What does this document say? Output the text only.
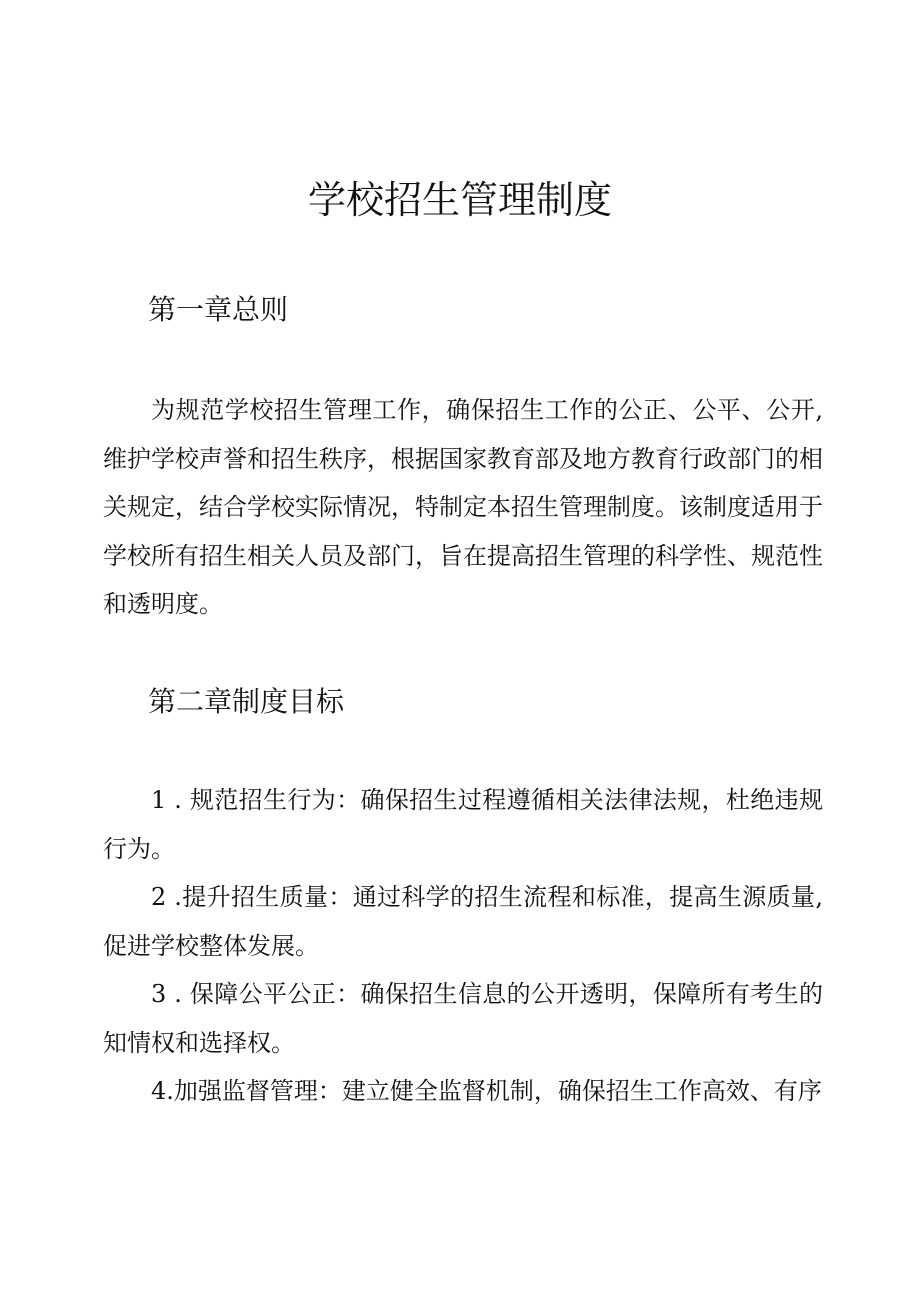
学校招生管理制度
第一章总则

为规范学校招生管理工作，确保招生工作的公正、公平、公开,维护学校声誉和招生秩序，根据国家教育部及地方教育行政部门的相关规定，结合学校实际情况，特制定本招生管理制度。该制度适用于学校所有招生相关人员及部门，旨在提高招生管理的科学性、规范性和透明度。

第二章制度目标

1 . 规范招生行为：确保招生过程遵循相关法律法规，杜绝违规行为。

2 .提升招生质量：通过科学的招生流程和标准，提高生源质量,促进学校整体发展。

3 . 保障公平公正：确保招生信息的公开透明，保障所有考生的知情权和选择权。

4.加强监督管理：建立健全监督机制，确保招生工作高效、有序
